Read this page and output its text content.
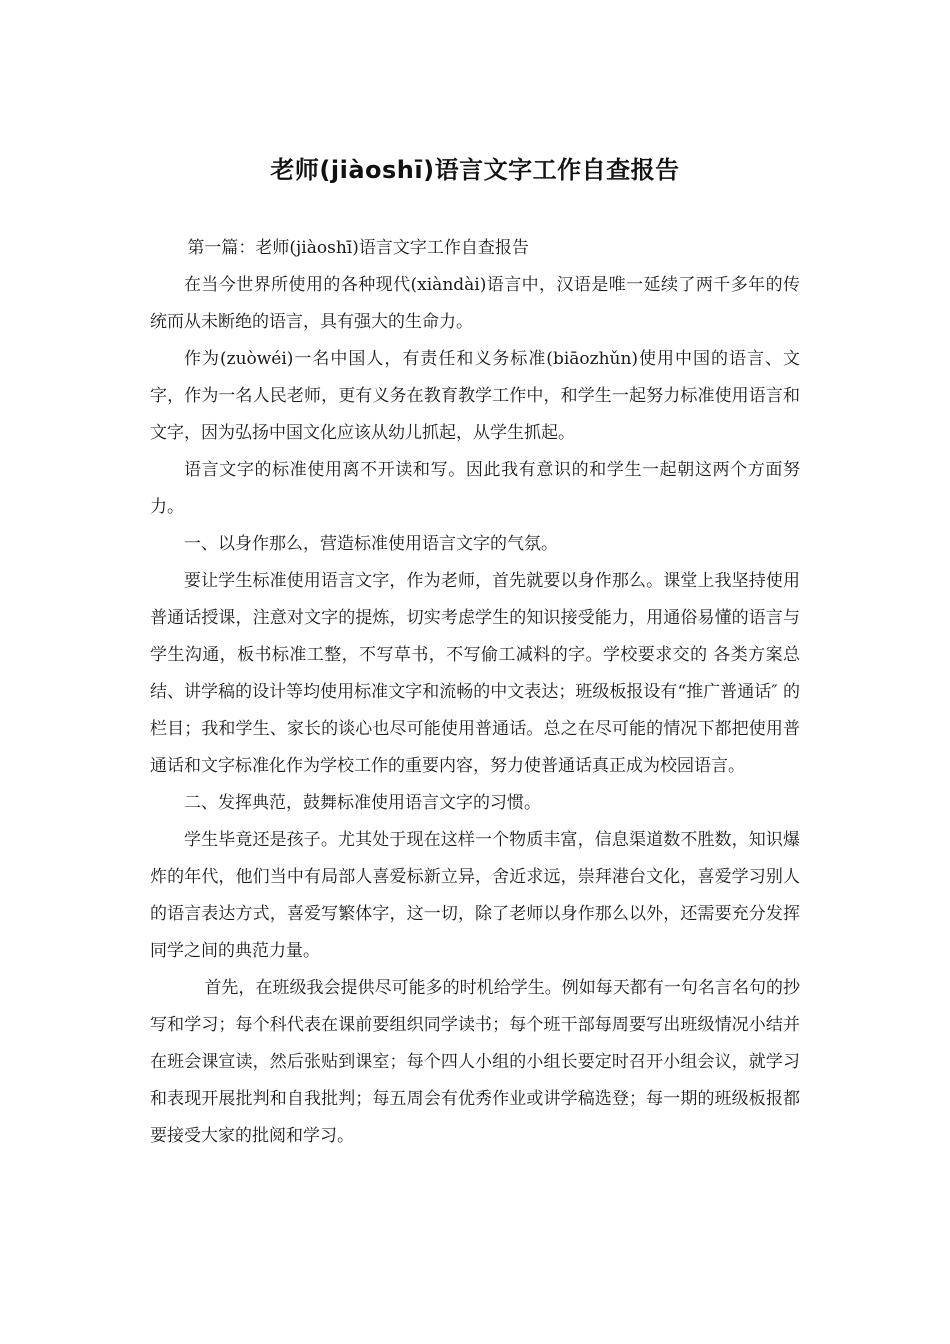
老师(jiàoshī)语言文字工作自查报告

第一篇：老师(jiàoshī)语言文字工作自查报告

在当今世界所使用的各种现代(xiàndài)语言中，汉语是唯一延续了两千多年的传统而从未断绝的语言，具有强大的生命力。

作为(zuòwéi)一名中国人，有责任和义务标准(biāozhǔn)使用中国的语言、文字，作为一名人民老师，更有义务在教育教学工作中，和学生一起努力标准使用语言和文字，因为弘扬中国文化应该从幼儿抓起，从学生抓起。

语言文字的标准使用离不开读和写。因此我有意识的和学生一起朝这两个方面努力。

一、以身作那么，营造标准使用语言文字的气氛。

要让学生标准使用语言文字，作为老师，首先就要以身作那么。课堂上我坚持使用普通话授课，注意对文字的提炼，切实考虑学生的知识接受能力，用通俗易懂的语言与学生沟通，板书标准工整，不写草书，不写偷工减料的字。学校要求交的 各类方案总结、讲学稿的设计等均使用标准文字和流畅的中文表达；班级板报设有“推广普通话″ 的栏目；我和学生、家长的谈心也尽可能使用普通话。总之在尽可能的情况下都把使用普通话和文字标准化作为学校工作的重要内容，努力使普通话真正成为校园语言。

二、发挥典范，鼓舞标准使用语言文字的习惯。

学生毕竟还是孩子。尤其处于现在这样一个物质丰富，信息渠道数不胜数，知识爆炸的年代，他们当中有局部人喜爱标新立异，舍近求远，崇拜港台文化，喜爱学习别人的语言表达方式，喜爱写繁体字，这一切，除了老师以身作那么以外，还需要充分发挥同学之间的典范力量。

首先，在班级我会提供尽可能多的时机给学生。例如每天都有一句名言名句的抄写和学习；每个科代表在课前要组织同学读书；每个班干部每周要写出班级情况小结并在班会课宣读，然后张贴到课室；每个四人小组的小组长要定时召开小组会议，就学习和表现开展批判和自我批判；每五周会有优秀作业或讲学稿选登；每一期的班级板报都要接受大家的批阅和学习。
